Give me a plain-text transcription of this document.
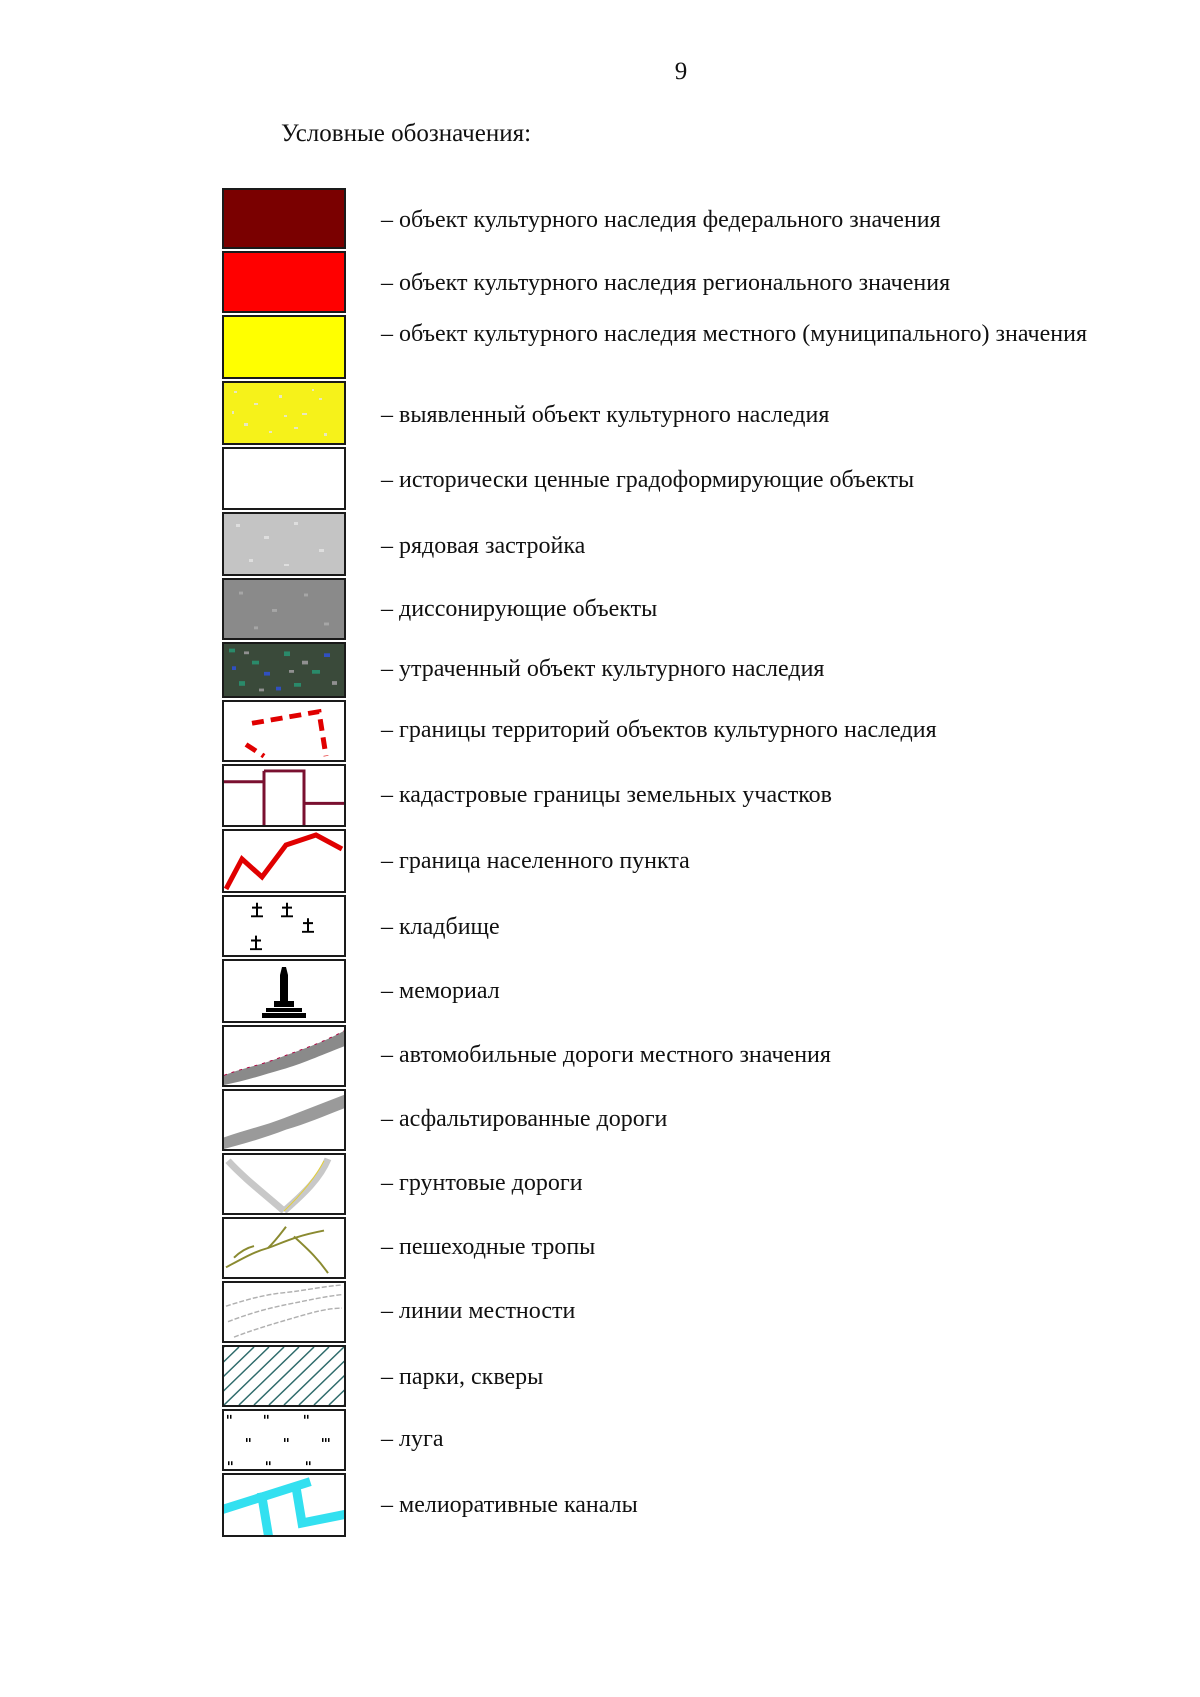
9
Условные обозначения:
– объект культурного наследия федерального значения
– объект культурного наследия регионального значения
– объект культурного наследия местного (муниципального) значения
– выявленный объект культурного наследия
– исторически ценные градоформирующие объекты
– рядовая застройка
– диссонирующие объекты
– утраченный объект культурного наследия
– границы территорий объектов культурного наследия
– кадастровые границы земельных участков
– граница населенного пункта
– кладбище
– мемориал
– автомобильные дороги местного значения
– асфальтированные дороги
– грунтовые дороги
– пешеходные тропы
– линии местности
– парки, скверы
– луга
– мелиоративные каналы
